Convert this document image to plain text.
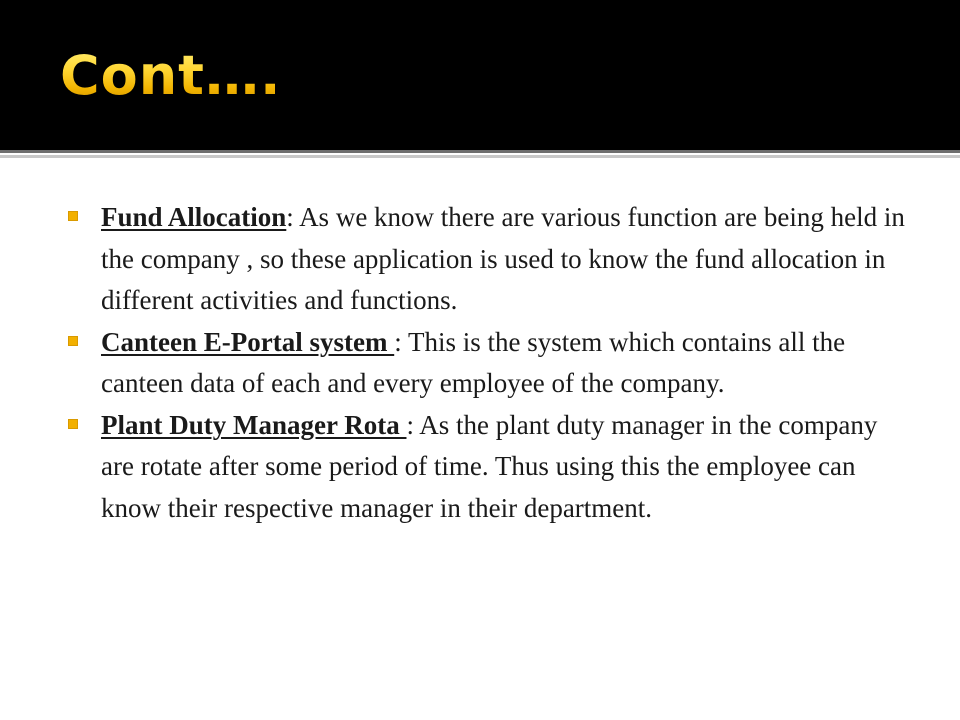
Cont….
Fund Allocation: As we know there are various function are being held in the company , so these application is used to know the fund allocation in different activities and functions.
Canteen E-Portal system : This is the system which contains all the canteen data of each and every employee of the company.
Plant Duty Manager Rota : As the plant duty manager in the company are rotate after some period of time. Thus using this the employee can know their respective manager in their department.
